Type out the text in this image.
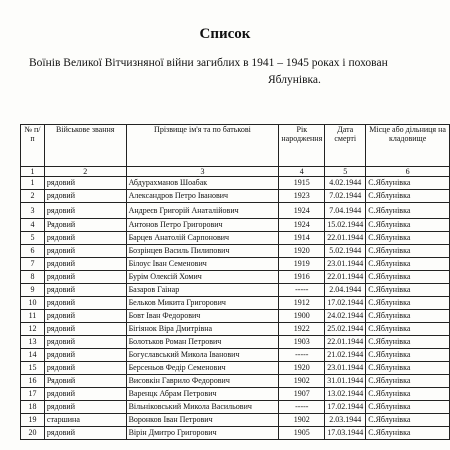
Список
Воїнів Великої Вітчизняної війни загиблих в 1941 – 1945 роках і похован
Яблунівка.
№ п/п	Військове звання	Прізвище ім'я та по батькові	Рік народження	Дата смерті	Місце або дільниця на кладовище
1	2	3	4	5	6
1	рядовий	Абдурахманов Шоабак	1915	4.02.1944	С.Яблунівка
2	рядовий	Александров Петро Іванович	1923	7.02.1944	С.Яблунівка
3	рядовий	Андреєв Григорій Анаталійович	1924	7.04.1944	С.Яблунівка
4	Рядовий	Антонов Петро Григорович	1924	15.02.1944	С.Яблунівка
5	рядовий	Барцев Анатолій Сарпонович	1914	22.01.1944	С.Яблунівка
6	рядовий	Бозрінцев Василь Пилипович	1920	5.02.1944	С.Яблунівка
7	рядовий	Білоус Іван Семенович	1919	23.01.1944	С.Яблунівка
8	рядовий	Бурім Олексій Хомич	1916	22.01.1944	С.Яблунівка
9	рядовий	Базаров Гаінар	-----	2.04.1944	С.Яблунівка
10	рядовий	Бельков Микита Григорович	1912	17.02.1944	С.Яблунівка
11	рядовий	Бовт Іван Федорович	1900	24.02.1944	С.Яблунівка
12	рядовий	Бігіянок Віра Дмитрівна	1922	25.02.1944	С.Яблунівка
13	рядовий	Болотьков Роман Петрович	1903	22.01.1944	С.Яблунівка
14	рядовий	Богуславський Микола Іванович	-----	21.02.1944	С.Яблунівка
15	рядовий	Берсеньов Федір Семенович	1920	23.01.1944	С.Яблунівка
16	Рядовий	Висовкін Гаврило Федорович	1902	31.01.1944	С.Яблунівка
17	рядовий	Варенцк Абрам Петрович	1907	13.02.1944	С.Яблунівка
18	рядовий	Вільніковський Микола Васильович	-----	17.02.1944	С.Яблунівка
19	старшина	Воронков Іван Петрович	1902	2.03.1944	С.Яблунівка
20	рядовий	Вірін Дмитро Григорович	1905	17.03.1944	С.Яблунівка
